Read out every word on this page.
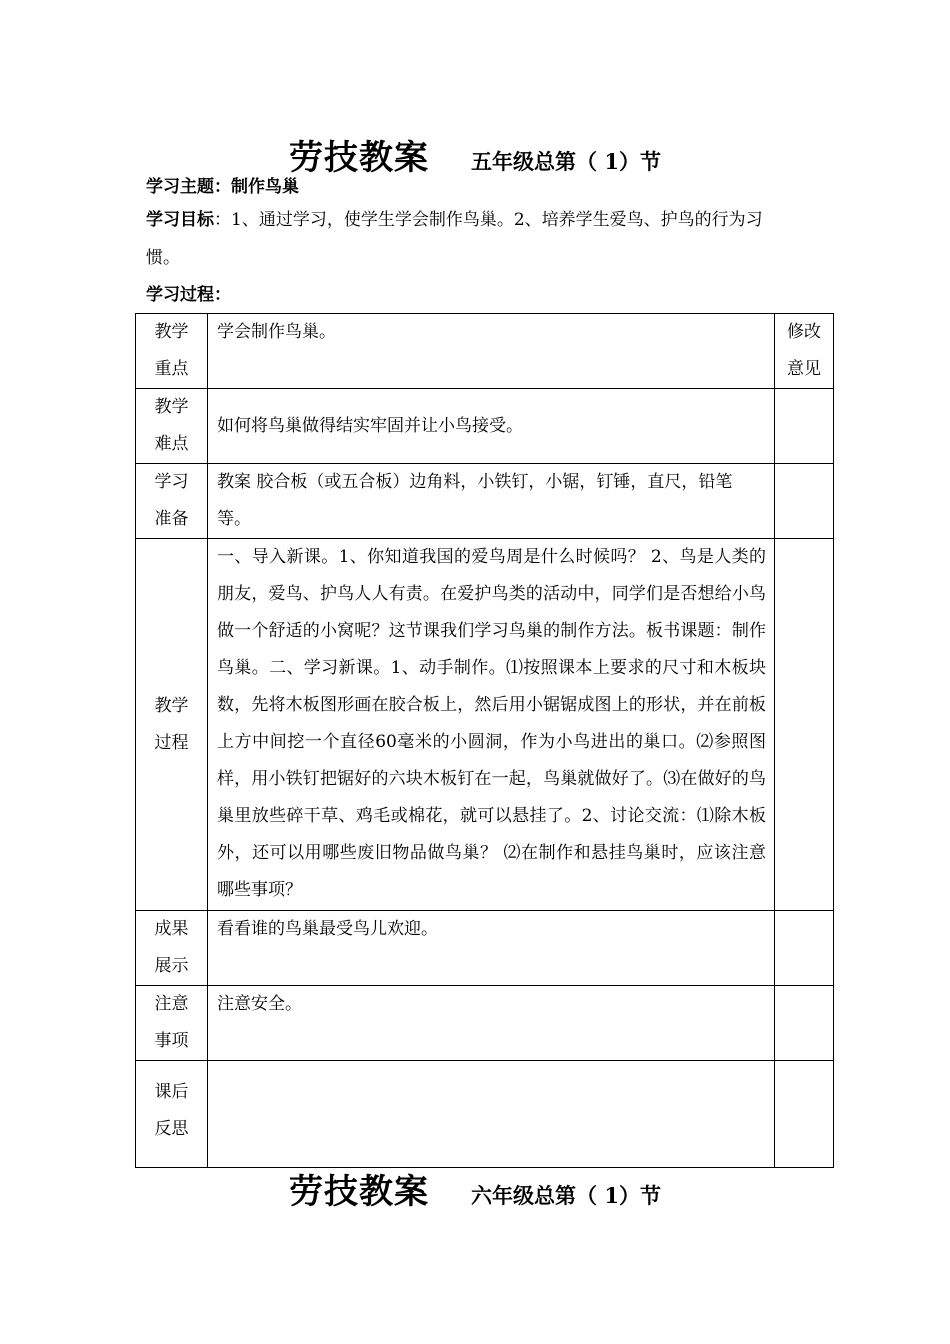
劳技教案 五年级总第（ 1）节
学习主题：制作鸟巢
学习目标：1、通过学习，使学生学会制作鸟巢。2、培养学生爱鸟、护鸟的行为习
惯。
学习过程：
教学重点	学会制作鸟巢。	修改意见

教学难点	如何将鸟巢做得结实牢固并让小鸟接受。	

学习准备	教案 胶合板（或五合板）边角料，小铁钉，小锯，钉锤，直尺，铅笔等。	

教学过程	一、导入新课。1、你知道我国的爱鸟周是什么时候吗？ 2、鸟是人类的朋友，爱鸟、护鸟人人有责。在爱护鸟类的活动中，同学们是否想给小鸟做一个舒适的小窝呢？这节课我们学习鸟巢的制作方法。板书课题：制作鸟巢。二、学习新课。1、动手制作。⑴按照课本上要求的尺寸和木板块数，先将木板图形画在胶合板上，然后用小锯锯成图上的形状，并在前板上方中间挖一个直径60毫米的小圆洞，作为小鸟进出的巢口。⑵参照图样，用小铁钉把锯好的六块木板钉在一起，鸟巢就做好了。⑶在做好的鸟巢里放些碎干草、鸡毛或棉花，就可以悬挂了。2、讨论交流：⑴除木板外，还可以用哪些废旧物品做鸟巢？ ⑵在制作和悬挂鸟巢时，应该注意哪些事项？	

成果展示	看看谁的鸟巢最受鸟儿欢迎。	

注意事项	注意安全。	

课后反思		

劳技教案 六年级总第（ 1）节
